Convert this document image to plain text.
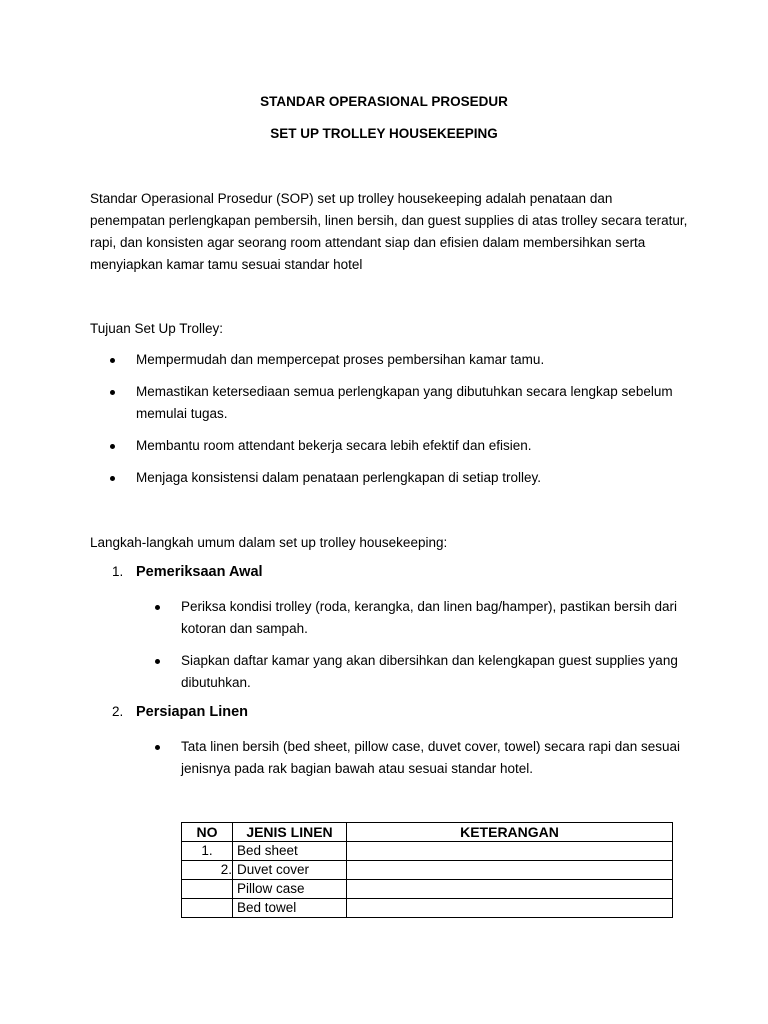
STANDAR OPERASIONAL PROSEDUR
SET UP TROLLEY HOUSEKEEPING

Standar Operasional Prosedur (SOP) set up trolley housekeeping adalah penataan dan penempatan perlengkapan pembersih, linen bersih, dan guest supplies di atas trolley secara teratur, rapi, dan konsisten agar seorang room attendant siap dan efisien dalam membersihkan serta menyiapkan kamar tamu sesuai standar hotel

Tujuan Set Up Trolley:

Mempermudah dan mempercepat proses pembersihan kamar tamu.
Memastikan ketersediaan semua perlengkapan yang dibutuhkan secara lengkap sebelum memulai tugas.
Membantu room attendant bekerja secara lebih efektif dan efisien.
Menjaga konsistensi dalam penataan perlengkapan di setiap trolley.

Langkah-langkah umum dalam set up trolley housekeeping:

1. Pemeriksaan Awal
Periksa kondisi trolley (roda, kerangka, dan linen bag/hamper), pastikan bersih dari kotoran dan sampah.
Siapkan daftar kamar yang akan dibersihkan dan kelengkapan guest supplies yang dibutuhkan.
2. Persiapan Linen
Tata linen bersih (bed sheet, pillow case, duvet cover, towel) secara rapi dan sesuai jenisnya pada rak bagian bawah atau sesuai standar hotel.
NO	JENIS LINEN	KETERANGAN
1.	Bed sheet	
2.	Duvet cover	
	Pillow case	
	Bed towel	
